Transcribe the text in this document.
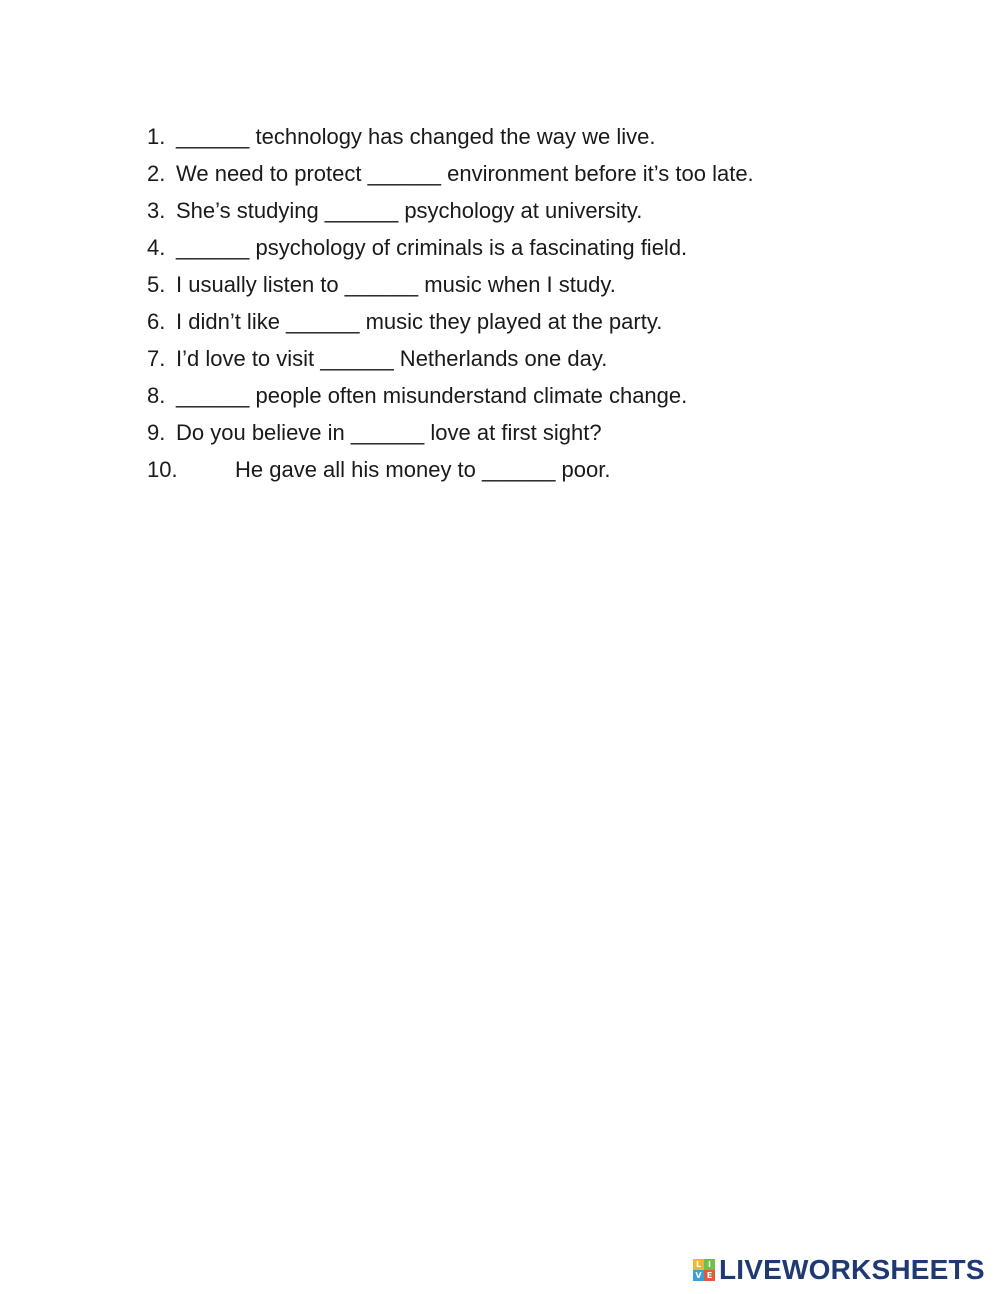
1. ______ technology has changed the way we live.
2. We need to protect ______ environment before it’s too late.
3. She’s studying ______ psychology at university.
4. ______ psychology of criminals is a fascinating field.
5. I usually listen to ______ music when I study.
6. I didn’t like ______ music they played at the party.
7. I’d love to visit ______ Netherlands one day.
8. ______ people often misunderstand climate change.
9. Do you believe in ______ love at first sight?
10.	He gave all his money to ______ poor.
L I
V E LIVEWORKSHEETS
